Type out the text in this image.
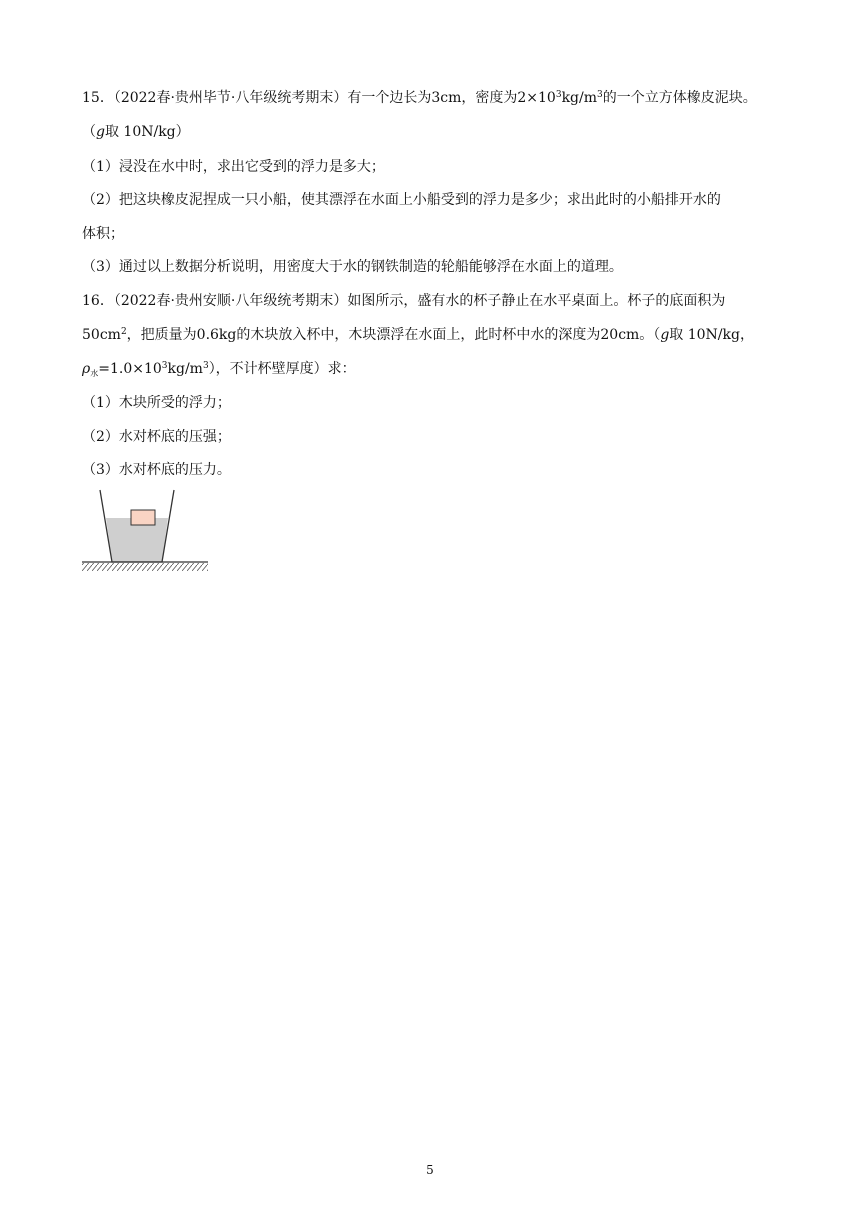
15．（2022春·贵州毕节·八年级统考期末）有一个边长为3cm，密度为$2\times 10^3kg/m^3$的一个立方体橡皮泥块。
（g取 10N/kg）
（1）浸没在水中时，求出它受到的浮力是多大；
（2）把这块橡皮泥捏成一只小船，使其漂浮在水面上小船受到的浮力是多少；求出此时的小船排开水的
体积；
（3）通过以上数据分析说明，用密度大于水的钢铁制造的轮船能够浮在水面上的道理。
16．（2022春·贵州安顺·八年级统考期末）如图所示，盛有水的杯子静止在水平桌面上。杯子的底面积为
$50cm^2$，把质量为0.6kg的木块放入杯中，木块漂浮在水面上，此时杯中水的深度为20cm。（g取 10N/kg，
$\rho_水=1.0\times 10^3kg/m^3$），不计杯壁厚度）求：
（1）木块所受的浮力；
（2）水对杯底的压强；
（3）水对杯底的压力。
5
